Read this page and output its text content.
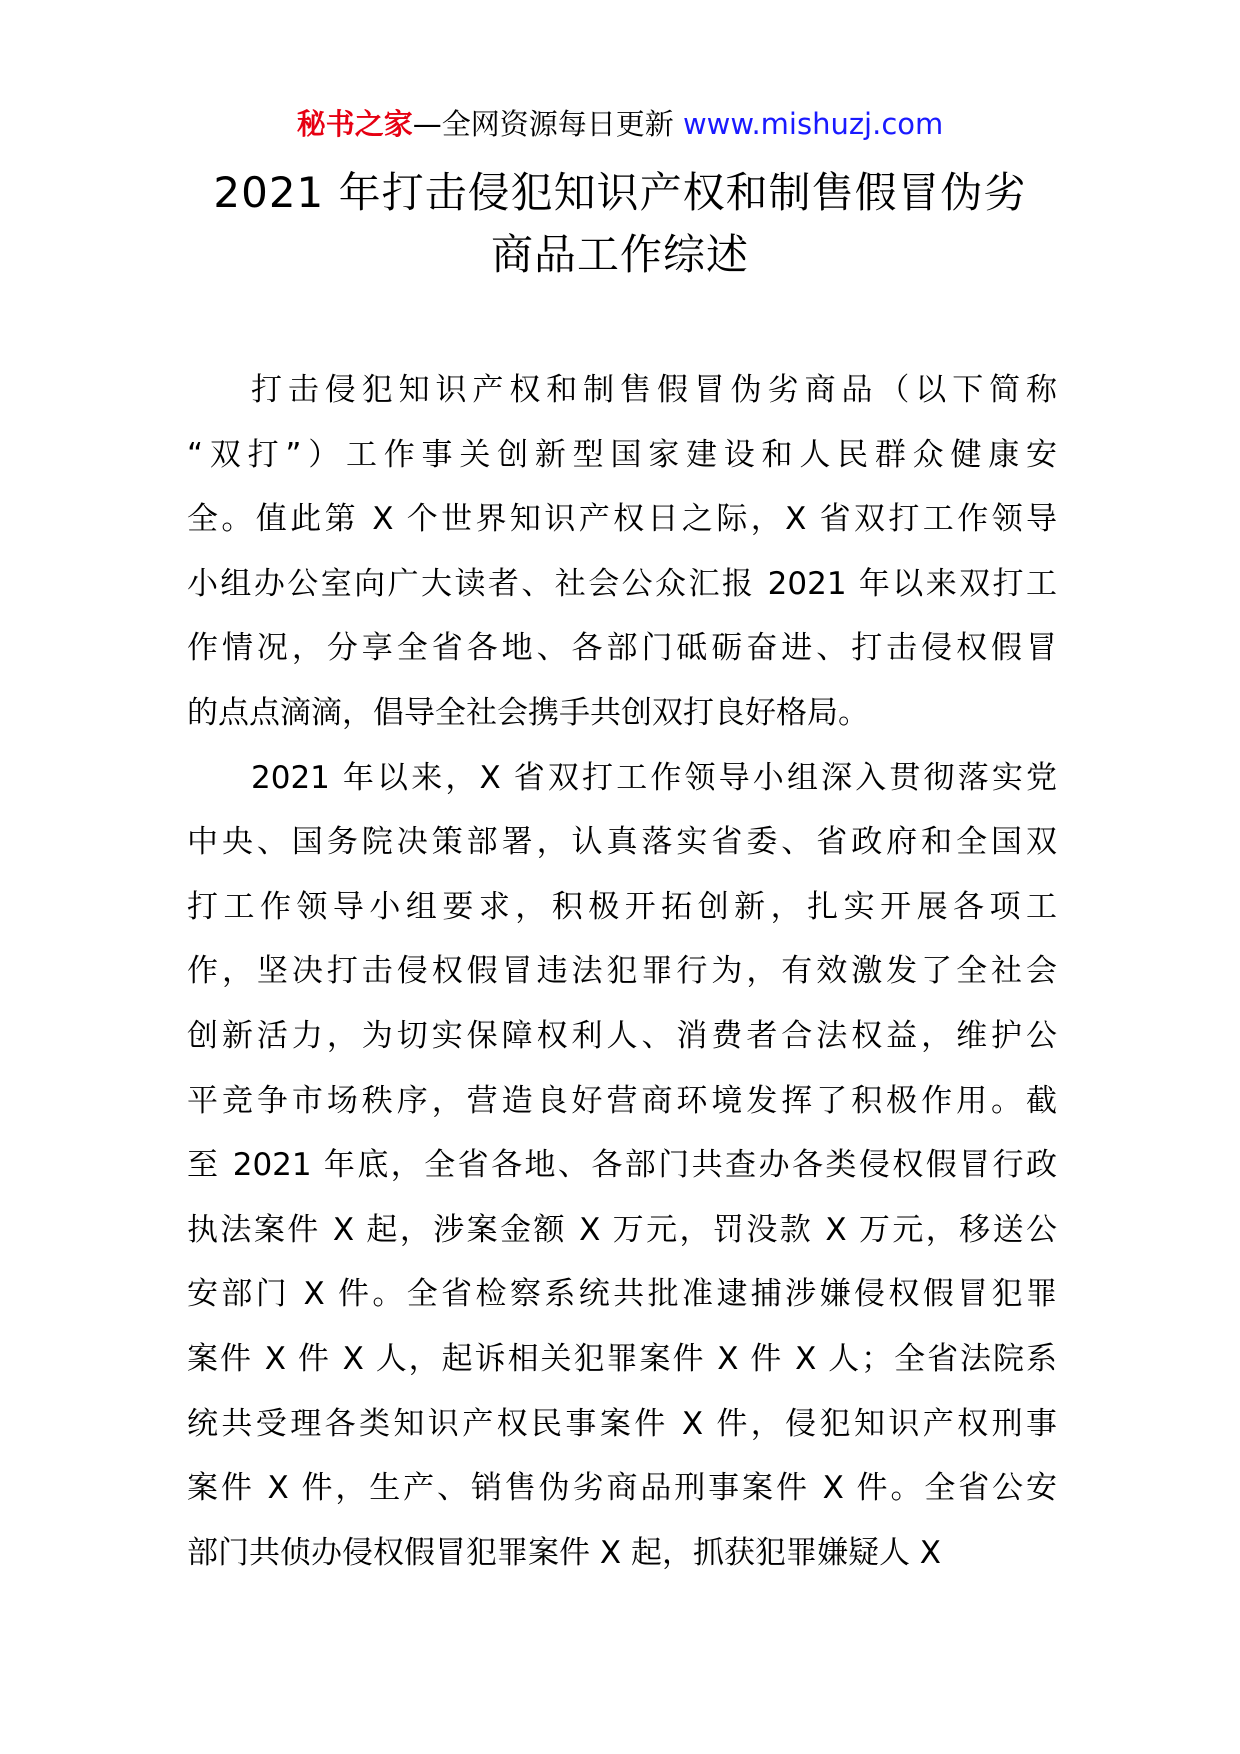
秘书之家—全网资源每日更新 www.mishuzj.com
2021 年打击侵犯知识产权和制售假冒伪劣
商品工作综述

打击侵犯知识产权和制售假冒伪劣商品（以下简称
“双打”）工作事关创新型国家建设和人民群众健康安
全。值此第 X 个世界知识产权日之际，X 省双打工作领导
小组办公室向广大读者、社会公众汇报 2021 年以来双打工
作情况，分享全省各地、各部门砥砺奋进、打击侵权假冒
的点点滴滴，倡导全社会携手共创双打良好格局。

2021 年以来，X 省双打工作领导小组深入贯彻落实党
中央、国务院决策部署，认真落实省委、省政府和全国双
打工作领导小组要求，积极开拓创新，扎实开展各项工
作，坚决打击侵权假冒违法犯罪行为，有效激发了全社会
创新活力，为切实保障权利人、消费者合法权益，维护公
平竞争市场秩序，营造良好营商环境发挥了积极作用。截
至 2021 年底，全省各地、各部门共查办各类侵权假冒行政
执法案件 X 起，涉案金额 X 万元，罚没款 X 万元，移送公
安部门 X 件。全省检察系统共批准逮捕涉嫌侵权假冒犯罪
案件 X 件 X 人，起诉相关犯罪案件 X 件 X 人；全省法院系
统共受理各类知识产权民事案件 X 件，侵犯知识产权刑事
案件 X 件，生产、销售伪劣商品刑事案件 X 件。全省公安
部门共侦办侵权假冒犯罪案件 X 起，抓获犯罪嫌疑人 X
